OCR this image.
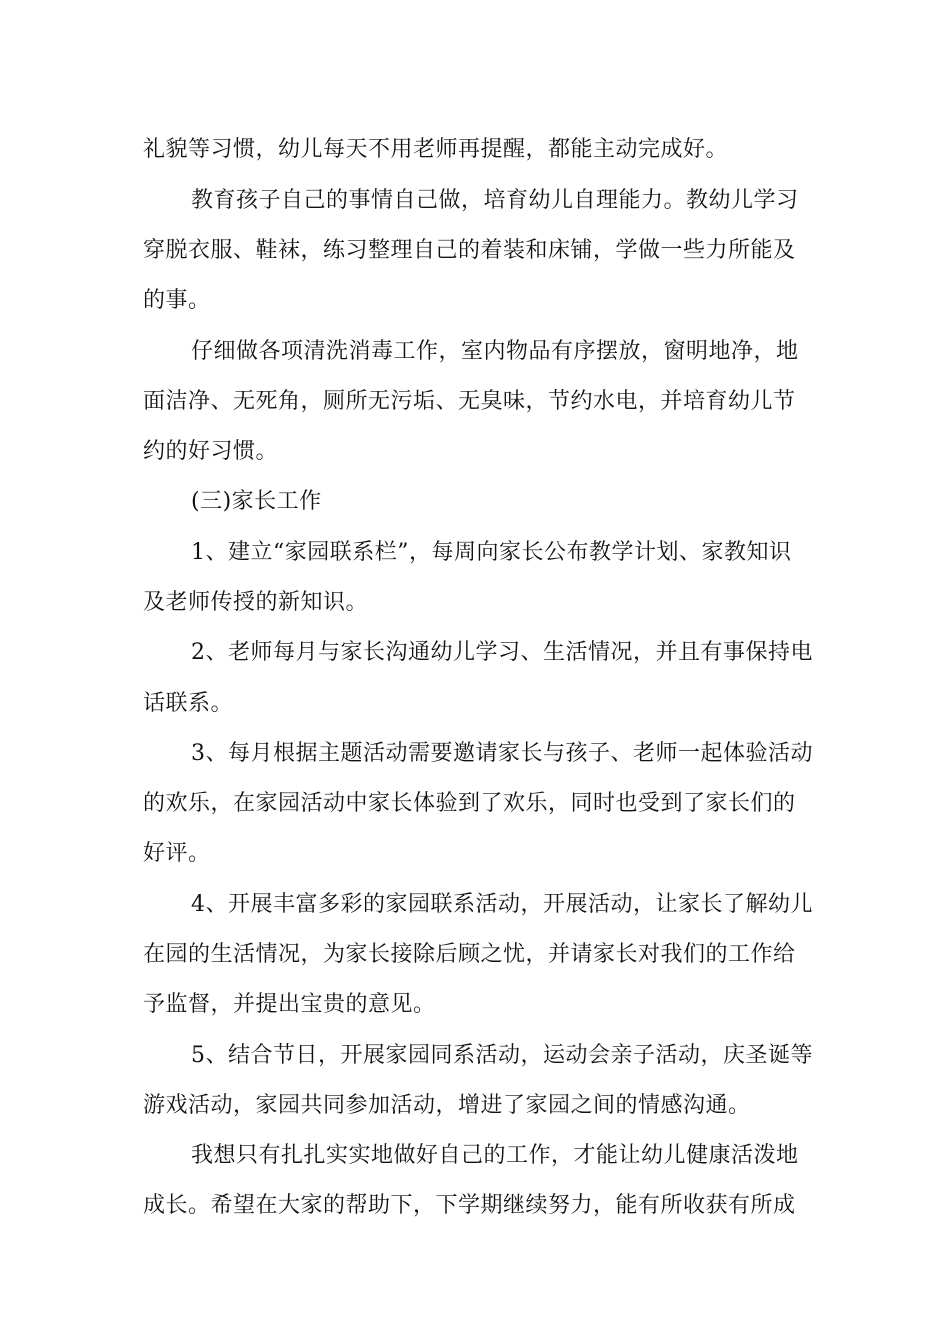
礼貌等习惯，幼儿每天不用老师再提醒，都能主动完成好。
教育孩子自己的事情自己做，培育幼儿自理能力。教幼儿学习
穿脱衣服、鞋袜，练习整理自己的着装和床铺，学做一些力所能及
的事。
仔细做各项清洗消毒工作，室内物品有序摆放，窗明地净，地
面洁净、无死角，厕所无污垢、无臭味，节约水电，并培育幼儿节
约的好习惯。
(三)家长工作
1、建立“家园联系栏”，每周向家长公布教学计划、家教知识
及老师传授的新知识。
2、老师每月与家长沟通幼儿学习、生活情况，并且有事保持电
话联系。
3、每月根据主题活动需要邀请家长与孩子、老师一起体验活动
的欢乐，在家园活动中家长体验到了欢乐，同时也受到了家长们的
好评。
4、开展丰富多彩的家园联系活动，开展活动，让家长了解幼儿
在园的生活情况，为家长接除后顾之忧，并请家长对我们的工作给
予监督，并提出宝贵的意见。
5、结合节日，开展家园同系活动，运动会亲子活动，庆圣诞等
游戏活动，家园共同参加活动，增进了家园之间的情感沟通。
我想只有扎扎实实地做好自己的工作，才能让幼儿健康活泼地
成长。希望在大家的帮助下，下学期继续努力，能有所收获有所成
